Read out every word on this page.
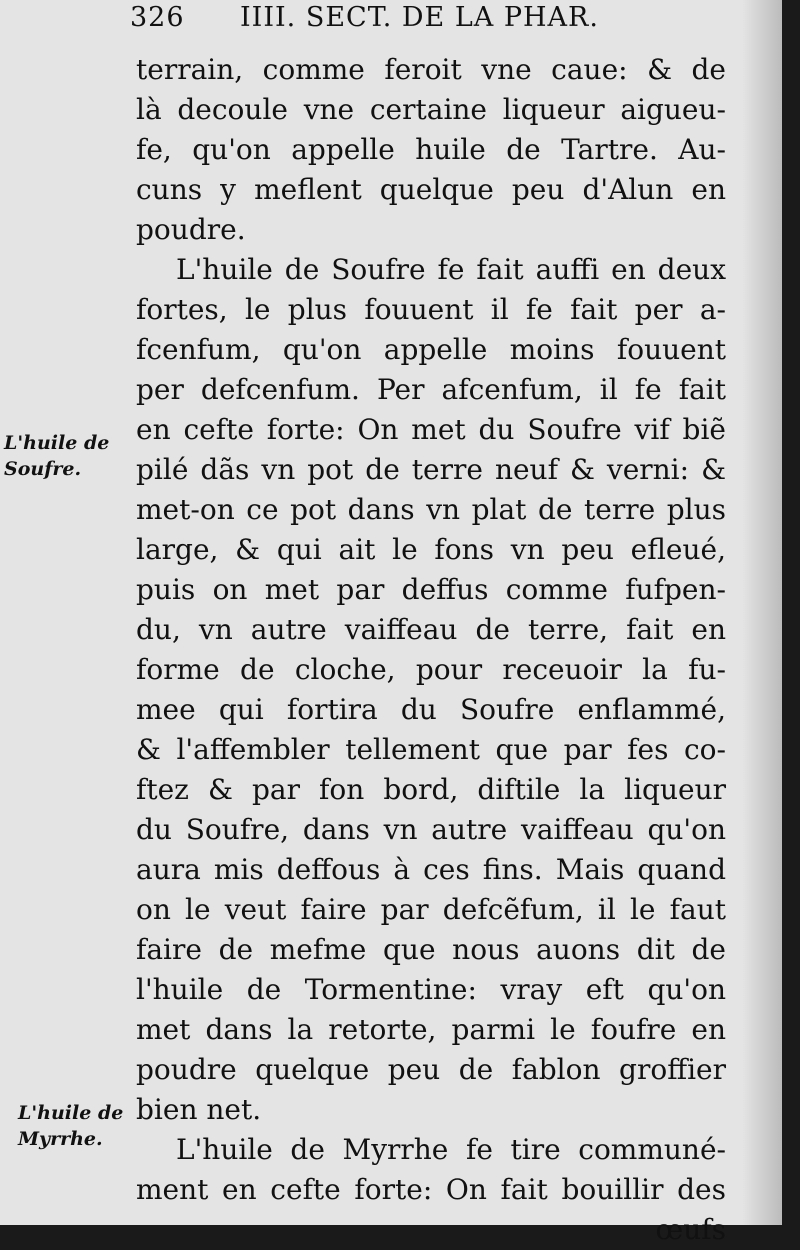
326 IIII. SECT. DE LA PHAR.
L'huile de Soufre.
L'huile de Myrrhe.
terrain, comme feroit vne caue: & de
là decoule vne certaine liqueur aigueu-
fe, qu'on appelle huile de Tartre. Au-
cuns y meflent quelque peu d'Alun en
poudre.
L'huile de Soufre fe fait auffi en deux
fortes, le plus fouuent il fe fait per a-
fcenfum, qu'on appelle moins fouuent
per defcenfum. Per afcenfum, il fe fait
en cefte forte: On met du Soufre vif biẽ
pilé dãs vn pot de terre neuf & verni: &
met-on ce pot dans vn plat de terre plus
large, & qui ait le fons vn peu efleué,
puis on met par deffus comme fufpen-
du, vn autre vaiffeau de terre, fait en
forme de cloche, pour receuoir la fu-
mee qui fortira du Soufre enflammé,
& l'affembler tellement que par fes co-
ftez & par fon bord, diftile la liqueur
du Soufre, dans vn autre vaiffeau qu'on
aura mis deffous à ces fins. Mais quand
on le veut faire par defcẽfum, il le faut
faire de mefme que nous auons dit de
l'huile de Tormentine: vray eft qu'on
met dans la retorte, parmi le foufre en
poudre quelque peu de fablon groffier
bien net.
L'huile de Myrrhe fe tire communé-
ment en cefte forte: On fait bouillir des
œufs
